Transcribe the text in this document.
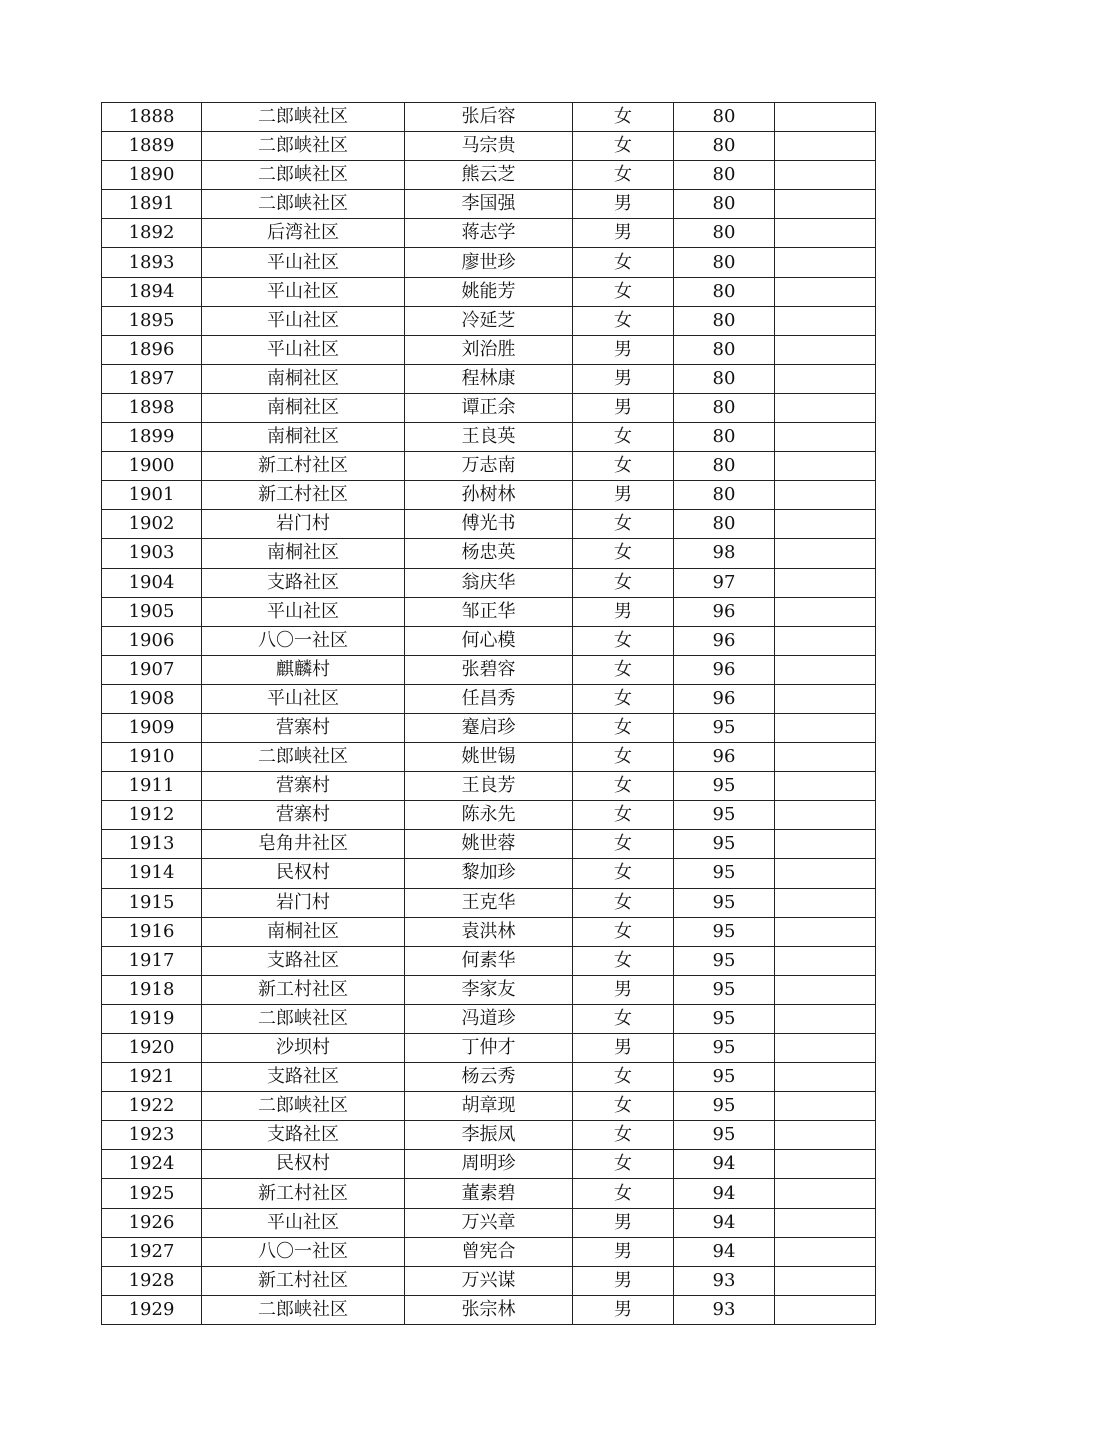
1888	二郎峡社区	张后容	女	80	
1889	二郎峡社区	马宗贵	女	80	
1890	二郎峡社区	熊云芝	女	80	
1891	二郎峡社区	李国强	男	80	
1892	后湾社区	蒋志学	男	80	
1893	平山社区	廖世珍	女	80	
1894	平山社区	姚能芳	女	80	
1895	平山社区	冷延芝	女	80	
1896	平山社区	刘治胜	男	80	
1897	南桐社区	程林康	男	80	
1898	南桐社区	谭正余	男	80	
1899	南桐社区	王良英	女	80	
1900	新工村社区	万志南	女	80	
1901	新工村社区	孙树林	男	80	
1902	岩门村	傅光书	女	80	
1903	南桐社区	杨忠英	女	98	
1904	支路社区	翁庆华	女	97	
1905	平山社区	邹正华	男	96	
1906	八〇一社区	何心模	女	96	
1907	麒麟村	张碧容	女	96	
1908	平山社区	任昌秀	女	96	
1909	营寨村	蹇启珍	女	95	
1910	二郎峡社区	姚世锡	女	96	
1911	营寨村	王良芳	女	95	
1912	营寨村	陈永先	女	95	
1913	皂角井社区	姚世蓉	女	95	
1914	民权村	黎加珍	女	95	
1915	岩门村	王克华	女	95	
1916	南桐社区	袁洪林	女	95	
1917	支路社区	何素华	女	95	
1918	新工村社区	李家友	男	95	
1919	二郎峡社区	冯道珍	女	95	
1920	沙坝村	丁仲才	男	95	
1921	支路社区	杨云秀	女	95	
1922	二郎峡社区	胡章现	女	95	
1923	支路社区	李振凤	女	95	
1924	民权村	周明珍	女	94	
1925	新工村社区	董素碧	女	94	
1926	平山社区	万兴章	男	94	
1927	八〇一社区	曾宪合	男	94	
1928	新工村社区	万兴谋	男	93	
1929	二郎峡社区	张宗林	男	93	
